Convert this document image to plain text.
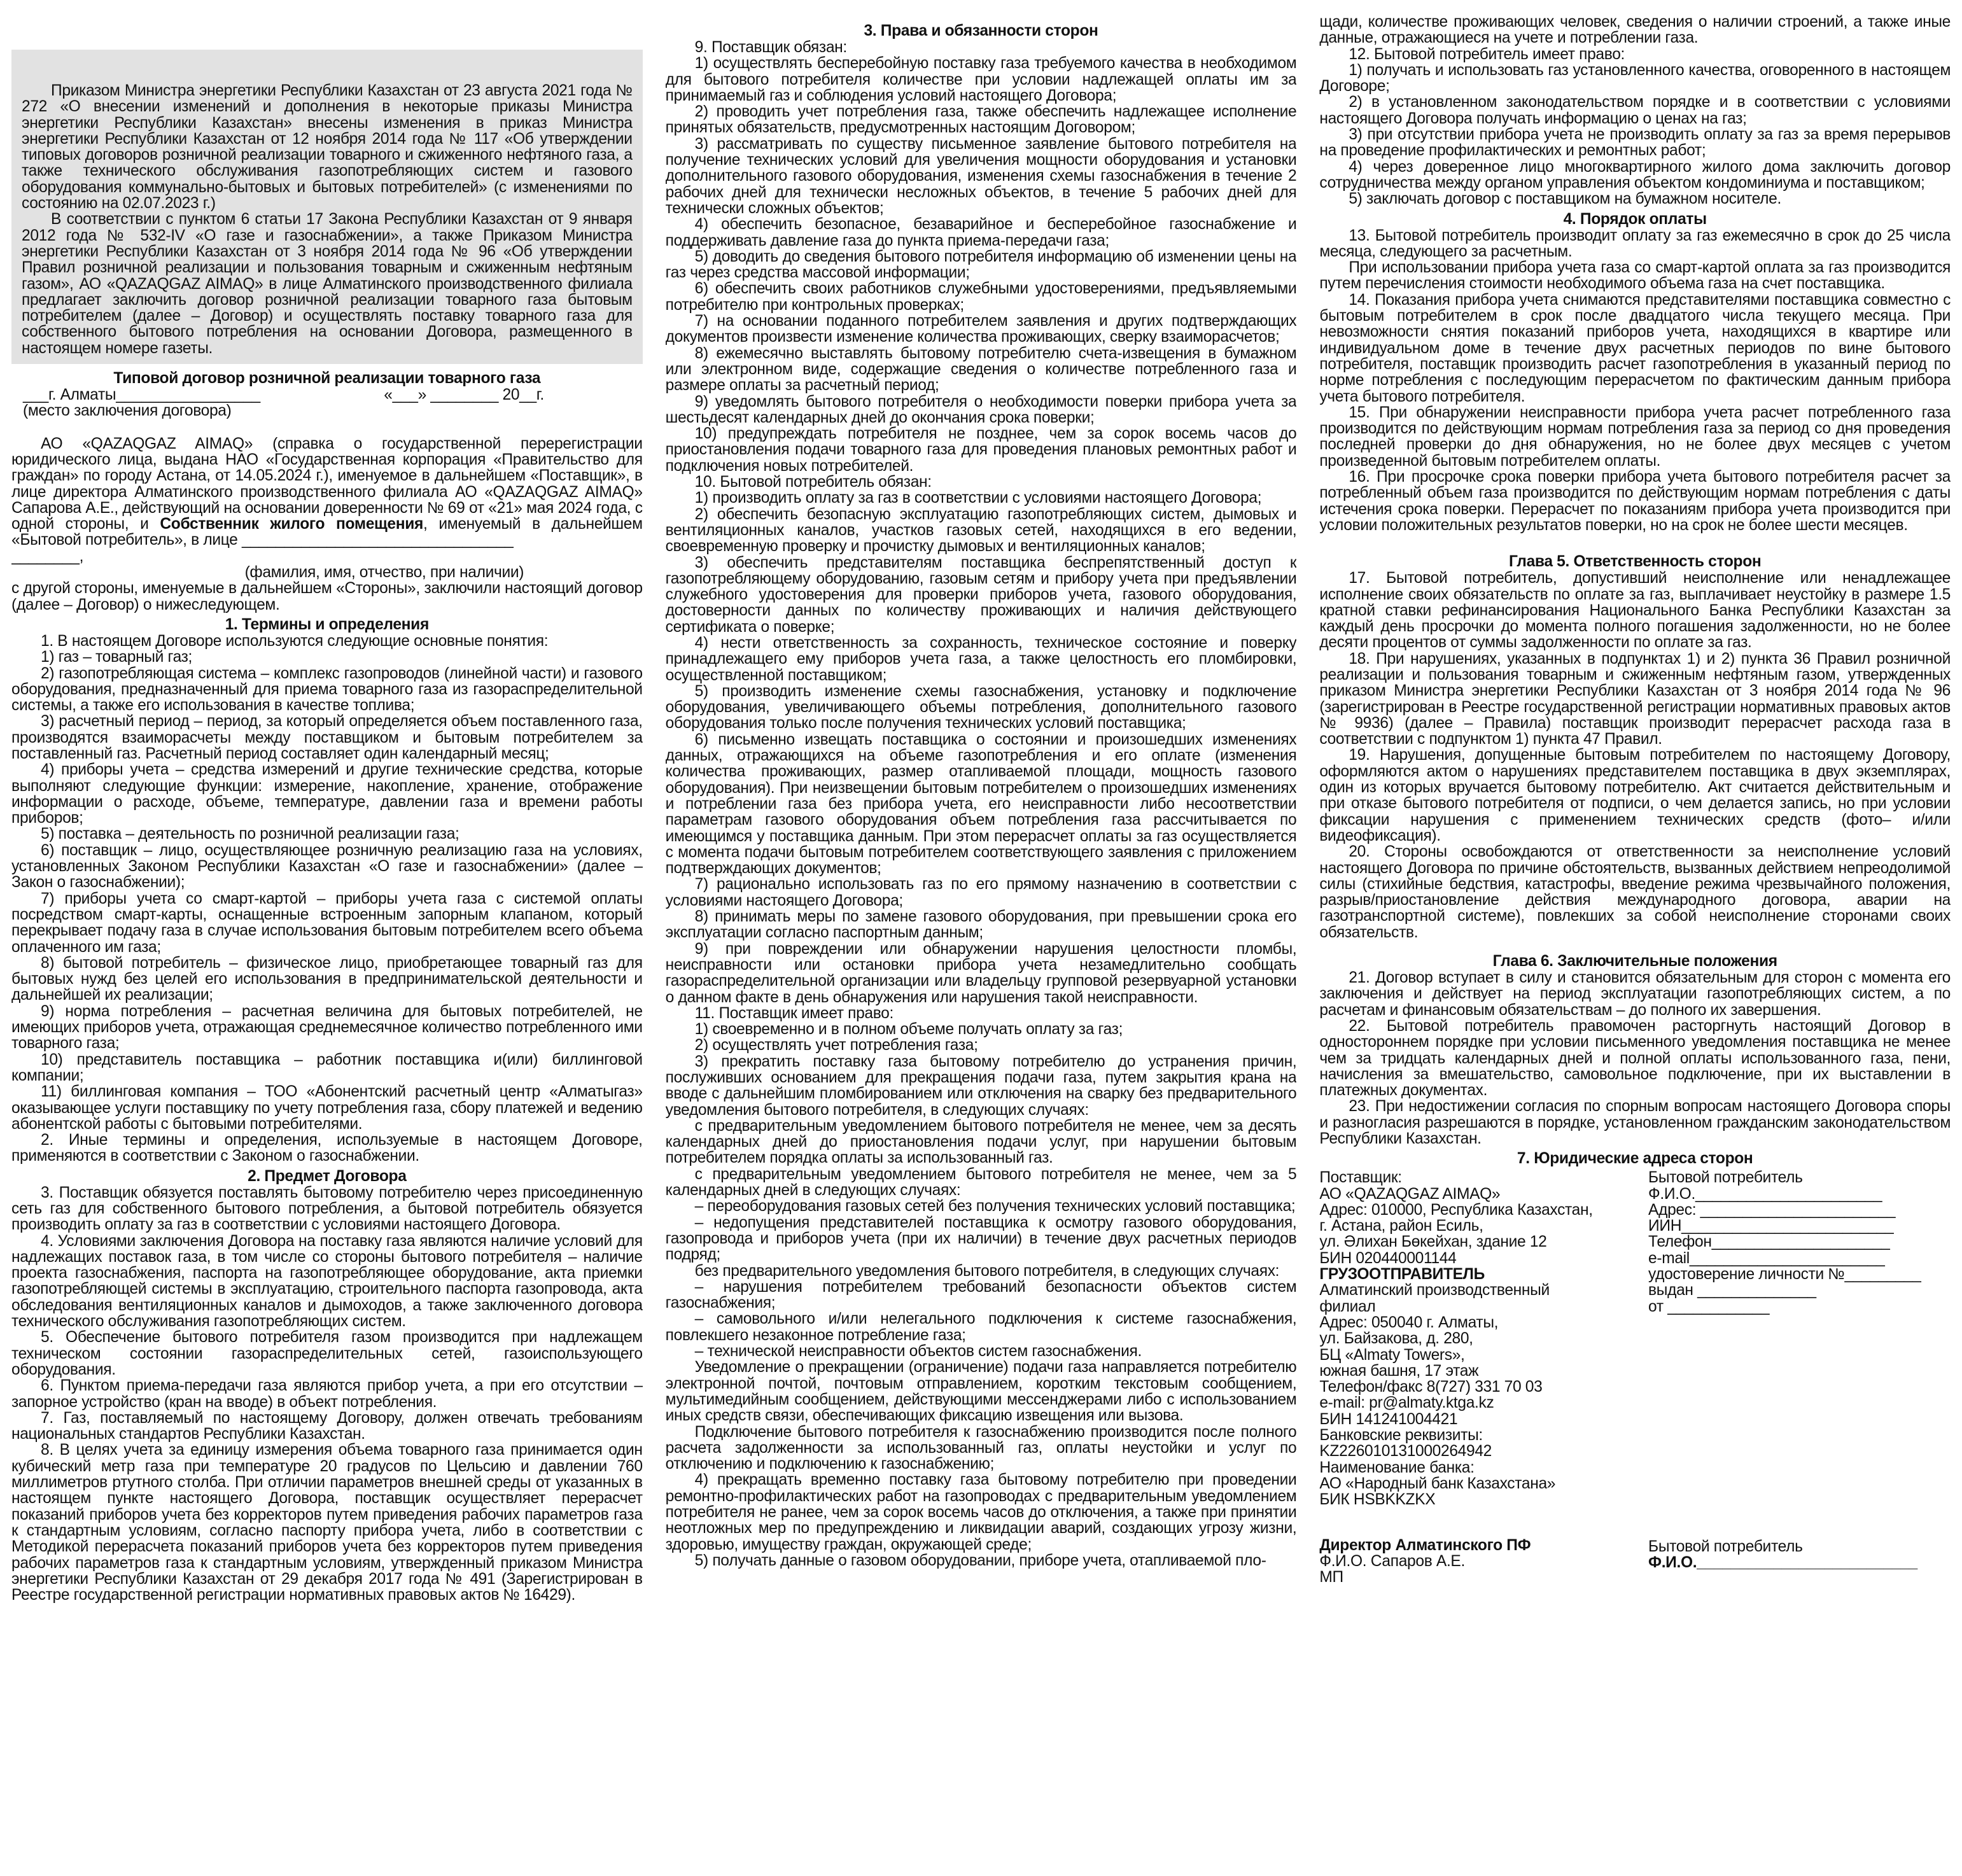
Приказом Министра энергетики Республики Казахстан от 23 августа 2021 года № 272 «О внесении изменений и дополнения в некоторые приказы Министра энергетики Республики Казахстан» внесены изменения в приказ Министра энергетики Республики Казахстан от 12 ноября 2014 года № 117 «Об утверждении типовых договоров розничной реализации товарного и сжиженного нефтяного газа, а также технического обслуживания газопотребляющих систем и газового оборудования коммунально-бытовых и бытовых потребителей» (с изменениями по состоянию на 02.07.2023 г.)

В соответствии с пунктом 6 статьи 17 Закона Республики Казахстан от 9 января 2012 года № 532-IV «О газе и газоснабжении», а также Приказом Министра энергетики Республики Казахстан от 3 ноября 2014 года № 96 «Об утверждении Правил розничной реализации и пользования товарным и сжиженным нефтяным газом», АО «QAZAQGAZ AIMAQ» в лице Алматинского производственного филиала предлагает заключить договор розничной реализации товарного газа бытовым потребителем (далее – Договор) и осуществлять поставку товарного газа для собственного бытового потребления на основании Договора, размещенного в настоящем номере газеты.

Типовой договор розничной реализации товарного газа

___г. Алматы_________________                              «___» ________ 20__г.

(место заключения договора)

АО «QAZAQGAZ AIMAQ» (справка о государственной перерегистрации юридического лица, выдана НАО «Государственная корпорация «Правительство для граждан» по городу Астана, от 14.05.2024 г.), именуемое в дальнейшем «Поставщик», в лице директора Алматинского производственного филиала АО «QAZAQGAZ AIMAQ» Сапарова А.Е., действующий на основании доверенности № 69 от «21» мая 2024 года, с одной стороны, и Собственник жилого помещения, именуемый в дальнейшем «Бытовой потребитель», в лице ________________________________

________,

(фамилия, имя, отчество, при наличии)

с другой стороны, именуемые в дальнейшем «Стороны», заключили настоящий договор (далее – Договор) о нижеследующем.

1. Термины и определения

1. В настоящем Договоре используются следующие основные понятия:

1) газ – товарный газ;

2) газопотребляющая система – комплекс газопроводов (линейной части) и газового оборудования, предназначенный для приема товарного газа из газораспределительной системы, а также его использования в качестве топлива;

3) расчетный период – период, за который определяется объем поставленного газа, производятся взаиморасчеты между поставщиком и бытовым потребителем за поставленный газ. Расчетный период составляет один календарный месяц;

4) приборы учета – средства измерений и другие технические средства, которые выполняют следующие функции: измерение, накопление, хранение, отображение информации о расходе, объеме, температуре, давлении газа и времени работы приборов;

5) поставка – деятельность по розничной реализации газа;

6) поставщик – лицо, осуществляющее розничную реализацию газа на условиях, установленных Законом Республики Казахстан «О газе и газоснабжении» (далее – Закон о газоснабжении);

7) приборы учета со смарт-картой – приборы учета газа с системой оплаты посредством смарт-карты, оснащенные встроенным запорным клапаном, который перекрывает подачу газа в случае использования бытовым потребителем всего объема оплаченного им газа;

8) бытовой потребитель – физическое лицо, приобретающее товарный газ для бытовых нужд без целей его использования в предпринимательской деятельности и дальнейшей их реализации;

9) норма потребления – расчетная величина для бытовых потребителей, не имеющих приборов учета, отражающая среднемесячное количество потребленного ими товарного газа;

10) представитель поставщика – работник поставщика и(или) биллинговой компании;

11) биллинговая компания – ТОО «Абонентский расчетный центр «Алматыгаз» оказывающее услуги поставщику по учету потребления газа, сбору платежей и ведению абонентской работы с бытовыми потребителями.

2. Иные термины и определения, используемые в настоящем Договоре, применяются в соответствии с Законом о газоснабжении.

2. Предмет Договора

3. Поставщик обязуется поставлять бытовому потребителю через присоединенную сеть газ для собственного бытового потребления, а бытовой потребитель обязуется производить оплату за газ в соответствии с условиями настоящего Договора.

4. Условиями заключения Договора на поставку газа являются наличие условий для надлежащих поставок газа, в том числе со стороны бытового потребителя – наличие проекта газоснабжения, паспорта на газопотребляющее оборудование, акта приемки газопотребляющей системы в эксплуатацию, строительного паспорта газопровода, акта обследования вентиляционных каналов и дымоходов, а также заключенного договора технического обслуживания газопотребляющих систем.

5. Обеспечение бытового потребителя газом производится при надлежащем техническом состоянии газораспределительных сетей, газоиспользующего оборудования.

6. Пунктом приема-передачи газа являются прибор учета, а при его отсутствии – запорное устройство (кран на вводе) в объект потребления.

7. Газ, поставляемый по настоящему Договору, должен отвечать требованиям национальных стандартов Республики Казахстан.

8. В целях учета за единицу измерения объема товарного газа принимается один кубический метр газа при температуре 20 градусов по Цельсию и давлении 760 миллиметров ртутного столба. При отличии параметров внешней среды от указанных в настоящем пункте настоящего Договора, поставщик осуществляет перерасчет показаний приборов учета без корректоров путем приведения рабочих параметров газа к стандартным условиям, согласно паспорту прибора учета, либо в соответствии с Методикой перерасчета показаний приборов учета без корректоров путем приведения рабочих параметров газа к стандартным условиям, утвержденный приказом Министра энергетики Республики Казахстан от 29 декабря 2017 года № 491 (Зарегистрирован в Реестре государственной регистрации нормативных правовых актов № 16429).

3. Права и обязанности сторон

9. Поставщик обязан:

1) осуществлять бесперебойную поставку газа требуемого качества в необходимом для бытового потребителя количестве при условии надлежащей оплаты им за принимаемый газ и соблюдения условий настоящего Договора;

2) проводить учет потребления газа, также обеспечить надлежащее исполнение принятых обязательств, предусмотренных настоящим Договором;

3) рассматривать по существу письменное заявление бытового потребителя на получение технических условий для увеличения мощности оборудования и установки дополнительного газового оборудования, изменения схемы газоснабжения в течение 2 рабочих дней для технически несложных объектов, в течение 5 рабочих дней для технически сложных объектов;

4) обеспечить безопасное, безаварийное и бесперебойное газоснабжение и поддерживать давление газа до пункта приема-передачи газа;

5) доводить до сведения бытового потребителя информацию об изменении цены на газ через средства массовой информации;

6) обеспечить своих работников служебными удостоверениями, предъявляемыми потребителю при контрольных проверках;

7) на основании поданного потребителем заявления и других подтверждающих документов произвести изменение количества проживающих, сверку взаиморасчетов;

8) ежемесячно выставлять бытовому потребителю счета-извещения в бумажном или электронном виде, содержащие сведения о количестве потребленного газа и размере оплаты за расчетный период;

9) уведомлять бытового потребителя о необходимости поверки прибора учета за шестьдесят календарных дней до окончания срока поверки;

10) предупреждать потребителя не позднее, чем за сорок восемь часов до приостановления подачи товарного газа для проведения плановых ремонтных работ и подключения новых потребителей.

10. Бытовой потребитель обязан:

1) производить оплату за газ в соответствии с условиями настоящего Договора;

2) обеспечить безопасную эксплуатацию газопотребляющих систем, дымовых и вентиляционных каналов, участков газовых сетей, находящихся в его ведении, своевременную проверку и прочистку дымовых и вентиляционных каналов;

3) обеспечить представителям поставщика беспрепятственный доступ к газопотребляющему оборудованию, газовым сетям и прибору учета при предъявлении служебного удостоверения для проверки приборов учета, газового оборудования, достоверности данных по количеству проживающих и наличия действующего сертификата о поверке;

4) нести ответственность за сохранность, техническое состояние и поверку принадлежащего ему приборов учета газа, а также целостность его пломбировки, осуществленной поставщиком;

5) производить изменение схемы газоснабжения, установку и подключение оборудования, увеличивающего объемы потребления, дополнительного газового оборудования только после получения технических условий поставщика;

6) письменно извещать поставщика о состоянии и произошедших изменениях данных, отражающихся на объеме газопотребления и его оплате (изменения количества проживающих, размер отапливаемой площади, мощность газового оборудования). При неизвещении бытовым потребителем о произошедших изменениях и потреблении газа без прибора учета, его неисправности либо несоответствии параметрам газового оборудования объем потребления газа рассчитывается по имеющимся у поставщика данным. При этом перерасчет оплаты за газ осуществляется с момента подачи бытовым потребителем соответствующего заявления с приложением подтверждающих документов;

7) рационально использовать газ по его прямому назначению в соответствии с условиями настоящего Договора;

8) принимать меры по замене газового оборудования, при превышении срока его эксплуатации согласно паспортным данным;

9) при повреждении или обнаружении нарушения целостности пломбы, неисправности или остановки прибора учета незамедлительно сообщать газораспределительной организации или владельцу групповой резервуарной установки о данном факте в день обнаружения или нарушения такой неисправности.

11. Поставщик имеет право:

1) своевременно и в полном объеме получать оплату за газ;

2) осуществлять учет потребления газа;

3) прекратить поставку газа бытовому потребителю до устранения причин, послуживших основанием для прекращения подачи газа, путем закрытия крана на вводе с дальнейшим пломбированием или отключения на сварку без предварительного уведомления бытового потребителя, в следующих случаях:

с предварительным уведомлением бытового потребителя не менее, чем за десять календарных дней до приостановления подачи услуг, при нарушении бытовым потребителем порядка оплаты за использованный газ.

с предварительным уведомлением бытового потребителя не менее, чем за 5 календарных дней в следующих случаях:

– переоборудования газовых сетей без получения технических условий поставщика;

– недопущения представителей поставщика к осмотру газового оборудования, газопровода и приборов учета (при их наличии) в течение двух расчетных периодов подряд;

без предварительного уведомления бытового потребителя, в следующих случаях:

– нарушения потребителем требований безопасности объектов систем газоснабжения;

– самовольного и/или нелегального подключения к системе газоснабжения, повлекшего незаконное потребление газа;

– технической неисправности объектов систем газоснабжения.

Уведомление о прекращении (ограничение) подачи газа направляется потребителю электронной почтой, почтовым отправлением, коротким текстовым сообщением, мультимедийным сообщением, действующими мессенджерами либо с использованием иных средств связи, обеспечивающих фиксацию извещения или вызова.

Подключение бытового потребителя к газоснабжению производится после полного расчета задолженности за использованный газ, оплаты неустойки и услуг по отключению и подключению к газоснабжению;

4) прекращать временно поставку газа бытовому потребителю при проведении ремонтно-профилактических работ на газопроводах с предварительным уведомлением потребителя не ранее, чем за сорок восемь часов до отключения, а также при принятии неотложных мер по предупреждению и ликвидации аварий, создающих угрозу жизни, здоровью, имуществу граждан, окружающей среде;

5) получать данные о газовом оборудовании, приборе учета, отапливаемой пло-

щади, количестве проживающих человек, сведения о наличии строений, а также иные данные, отражающиеся на учете и потреблении газа.

12. Бытовой потребитель имеет право:

1) получать и использовать газ установленного качества, оговоренного в настоящем Договоре;

2) в установленном законодательством порядке и в соответствии с условиями настоящего Договора получать информацию о ценах на газ;

3) при отсутствии прибора учета не производить оплату за газ за время перерывов на проведение профилактических и ремонтных работ;

4) через доверенное лицо многоквартирного жилого дома заключить договор сотрудничества между органом управления объектом кондоминиума и поставщиком;

5) заключать договор с поставщиком на бумажном носителе.

4. Порядок оплаты

13. Бытовой потребитель производит оплату за газ ежемесячно в срок до 25 числа месяца, следующего за расчетным.

При использовании прибора учета газа со смарт-картой оплата за газ производится путем перечисления стоимости необходимого объема газа на счет поставщика.

14. Показания прибора учета снимаются представителями поставщика совместно с бытовым потребителем в срок после двадцатого числа текущего месяца. При невозможности снятия показаний приборов учета, находящихся в квартире или индивидуальном доме в течение двух расчетных периодов по вине бытового потребителя, поставщик производить расчет газопотребления в указанный период по норме потребления с последующим перерасчетом по фактическим данным прибора учета бытового потребителя.

15. При обнаружении неисправности прибора учета расчет потребленного газа производится по действующим нормам потребления газа за период со дня проведения последней проверки до дня обнаружения, но не более двух месяцев с учетом произведенной бытовым потребителем оплаты.

16. При просрочке срока поверки прибора учета бытового потребителя расчет за потребленный объем газа производится по действующим нормам потребления с даты истечения срока поверки. Перерасчет по показаниям прибора учета производится при условии положительных результатов поверки, но на срок не более шести месяцев.

Глава 5. Ответственность сторон

17. Бытовой потребитель, допустивший неисполнение или ненадлежащее исполнение своих обязательств по оплате за газ, выплачивает неустойку в размере 1.5 кратной ставки рефинансирования Национального Банка Республики Казахстан за каждый день просрочки до момента полного погашения задолженности, но не более десяти процентов от суммы задолженности по оплате за газ.

18. При нарушениях, указанных в подпунктах 1) и 2) пункта 36 Правил розничной реализации и пользования товарным и сжиженным нефтяным газом, утвержденных приказом Министра энергетики Республики Казахстан от 3 ноября 2014 года № 96 (зарегистрирован в Реестре государственной регистрации нормативных правовых актов № 9936) (далее – Правила) поставщик производит перерасчет расхода газа в соответствии с подпунктом 1) пункта 47 Правил.

19. Нарушения, допущенные бытовым потребителем по настоящему Договору, оформляются актом о нарушениях представителем поставщика в двух экземплярах, один из которых вручается бытовому потребителю. Акт считается действительным и при отказе бытового потребителя от подписи, о чем делается запись, но при условии фиксации нарушения с применением технических средств (фото– и/или видеофиксация).

20. Стороны освобождаются от ответственности за неисполнение условий настоящего Договора по причине обстоятельств, вызванных действием непреодолимой силы (стихийные бедствия, катастрофы, введение режима чрезвычайного положения, разрыв/приостановление действия международного договора, аварии на газотранспортной системе), повлекших за собой неисполнение сторонами своих обязательств.

Глава 6. Заключительные положения

21. Договор вступает в силу и становится обязательным для сторон с момента его заключения и действует на период эксплуатации газопотребляющих систем, а по расчетам и финансовым обязательствам – до полного их завершения.

22. Бытовой потребитель правомочен расторгнуть настоящий Договор в одностороннем порядке при условии письменного уведомления поставщика не менее чем за тридцать календарных дней и полной оплаты использованного газа, пени, начисления за вмешательство, самовольное подключение, при их выставлении в платежных документах.

23. При недостижении согласия по спорным вопросам настоящего Договора споры и разногласия разрешаются в порядке, установленном гражданским законодательством Республики Казахстан.

7. Юридические адреса сторон
Поставщик:
АО «QAZAQGAZ AIMAQ»
Адрес: 010000, Республика Казахстан,
г. Астана, район Есиль,
ул. Әлихан Бөкейхан, здание 12
БИН 020440001144
ГРУЗООТПРАВИТЕЛЬ
Алматинский производственный
филиал
Адрес: 050040 г. Алматы,
ул. Байзакова, д. 280,
БЦ «Almaty Towers»,
южная башня, 17 этаж
Телефон/факс 8(727) 331 70 03
e-mail: pr@almaty.ktga.kz
БИН 141241004421
Банковские реквизиты:
KZ226010131000264942
Наименование банка:
АО «Народный банк Казахстана»
БИК HSBKKZKX
Бытовой потребитель
Ф.И.О.______________________
Адрес: _______________________
ИИН_________________________
Телефон_____________________
e-mail_______________________
удостоверение личности №_________
выдан ______________
от ____________
Директор Алматинского ПФ
Ф.И.О. Сапаров А.Е.
МП
Бытовой потребитель
Ф.И.О.__________________________
